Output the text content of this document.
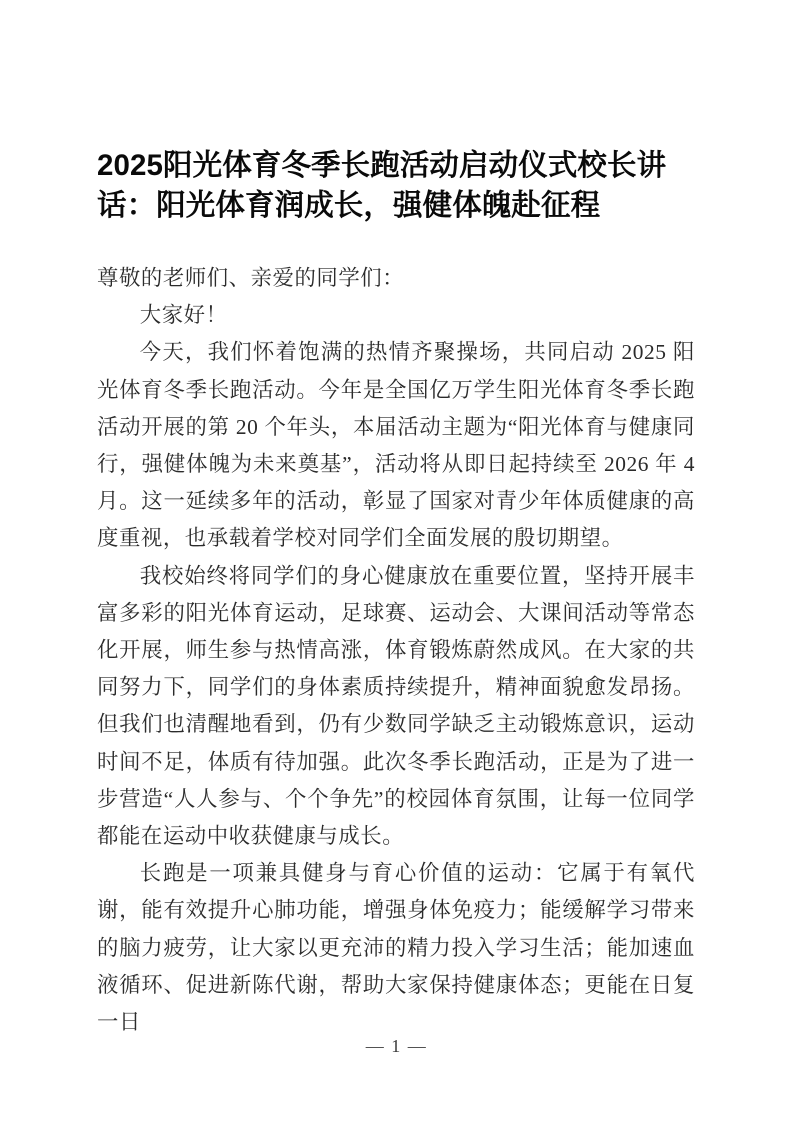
2025阳光体育冬季长跑活动启动仪式校长讲话：阳光体育润成长，强健体魄赴征程

尊敬的老师们、亲爱的同学们：

大家好！

今天，我们怀着饱满的热情齐聚操场，共同启动 2025 阳光体育冬季长跑活动。今年是全国亿万学生阳光体育冬季长跑活动开展的第 20 个年头，本届活动主题为“阳光体育与健康同行，强健体魄为未来奠基”，活动将从即日起持续至 2026 年 4 月。这一延续多年的活动，彰显了国家对青少年体质健康的高度重视，也承载着学校对同学们全面发展的殷切期望。

我校始终将同学们的身心健康放在重要位置，坚持开展丰富多彩的阳光体育运动，足球赛、运动会、大课间活动等常态化开展，师生参与热情高涨，体育锻炼蔚然成风。在大家的共同努力下，同学们的身体素质持续提升，精神面貌愈发昂扬。但我们也清醒地看到，仍有少数同学缺乏主动锻炼意识，运动时间不足，体质有待加强。此次冬季长跑活动，正是为了进一步营造“人人参与、个个争先”的校园体育氛围，让每一位同学都能在运动中收获健康与成长。

长跑是一项兼具健身与育心价值的运动：它属于有氧代谢，能有效提升心肺功能，增强身体免疫力；能缓解学习带来的脑力疲劳，让大家以更充沛的精力投入学习生活；能加速血液循环、促进新陈代谢，帮助大家保持健康体态；更能在日复一日

— 1 —
